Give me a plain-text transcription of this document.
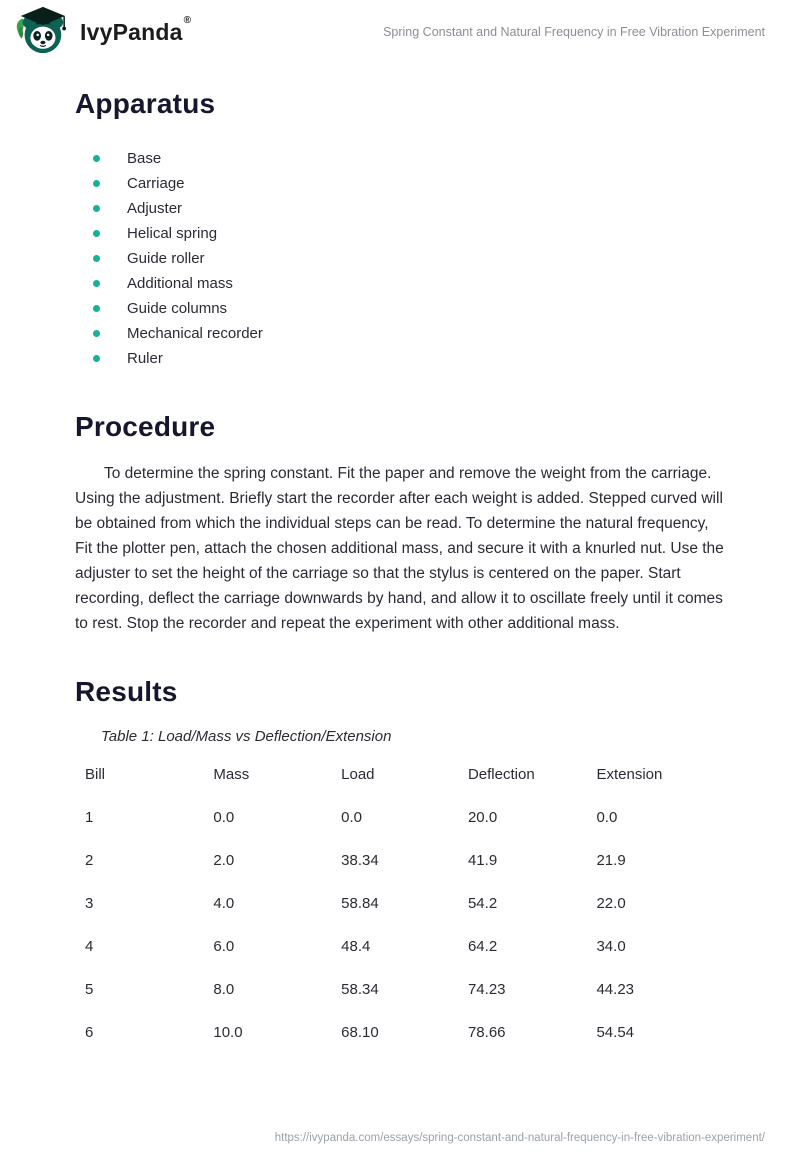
IvyPanda®
Spring Constant and Natural Frequency in Free Vibration Experiment
Apparatus
Base
Carriage
Adjuster
Helical spring
Guide roller
Additional mass
Guide columns
Mechanical recorder
Ruler
Procedure

To determine the spring constant. Fit the paper and remove the weight from the carriage. Using the adjustment. Briefly start the recorder after each weight is added. Stepped curved will be obtained from which the individual steps can be read. To determine the natural frequency, Fit the plotter pen, attach the chosen additional mass, and secure it with a knurled nut. Use the adjuster to set the height of the carriage so that the stylus is centered on the paper. Start recording, deflect the carriage downwards by hand, and allow it to oscillate freely until it comes to rest. Stop the recorder and repeat the experiment with other additional mass.

Results
Table 1: Load/Mass vs Deflection/Extension
Bill	Mass	Load	Deflection	Extension
1	0.0	0.0	20.0	0.0
2	2.0	38.34	41.9	21.9
3	4.0	58.84	54.2	22.0
4	6.0	48.4	64.2	34.0
5	8.0	58.34	74.23	44.23
6	10.0	68.10	78.66	54.54
https://ivypanda.com/essays/spring-constant-and-natural-frequency-in-free-vibration-experiment/
